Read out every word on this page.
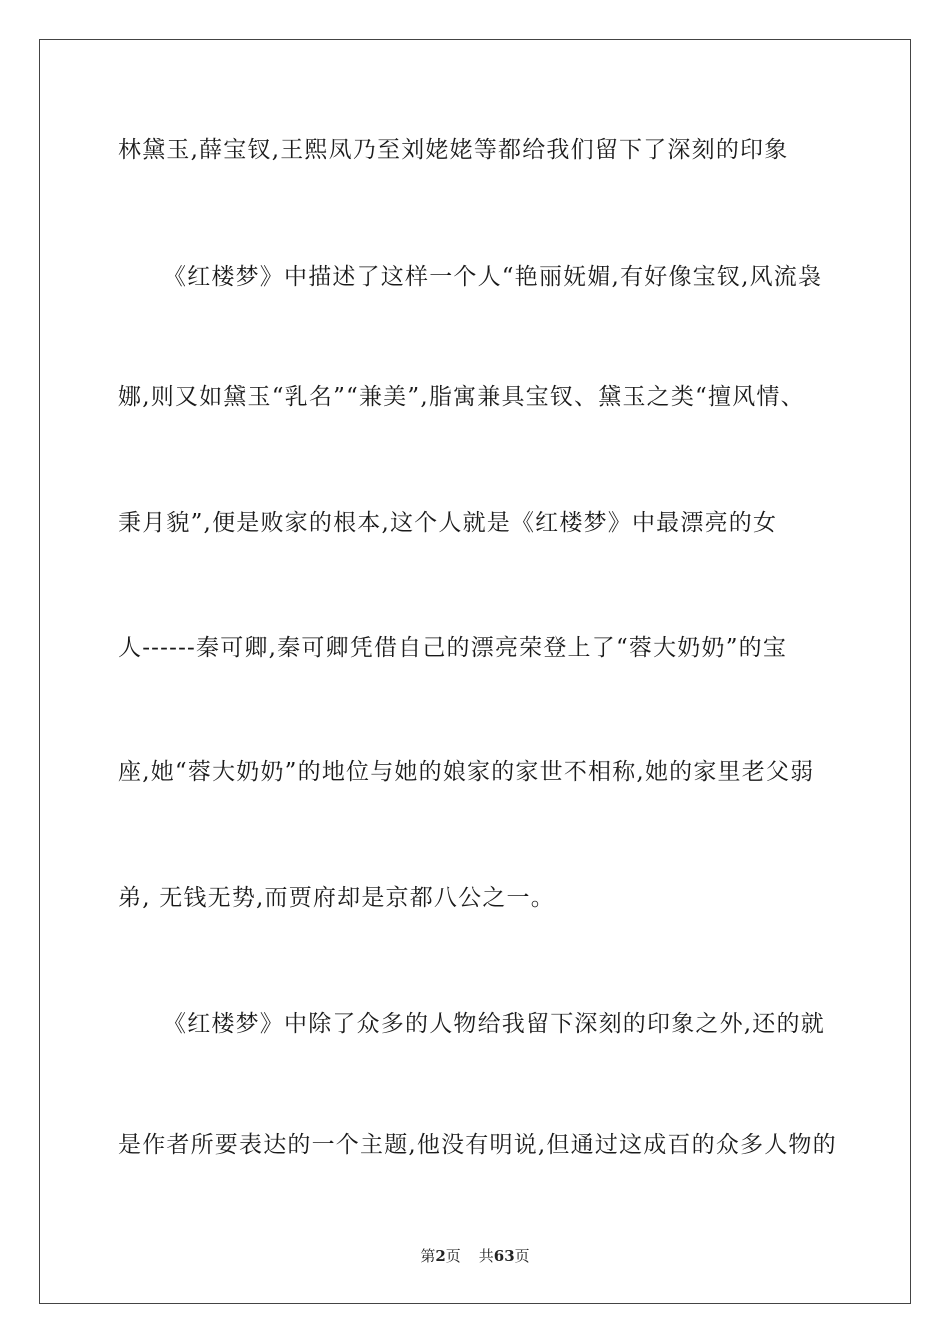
林黛玉,薛宝钗,王熙凤乃至刘姥姥等都给我们留下了深刻的印象
《红楼梦》中描述了这样一个人“艳丽妩媚,有好像宝钗,风流袅
娜,则又如黛玉“乳名”“兼美”,脂寓兼具宝钗、黛玉之类“擅风情、
秉月貌”,便是败家的根本,这个人就是《红楼梦》中最漂亮的女
人------秦可卿,秦可卿凭借自己的漂亮荣登上了“蓉大奶奶”的宝
座,她“蓉大奶奶”的地位与她的娘家的家世不相称,她的家里老父弱
弟, 无钱无势,而贾府却是京都八公之一。
《红楼梦》中除了众多的人物给我留下深刻的印象之外,还的就
是作者所要表达的一个主题,他没有明说,但通过这成百的众多人物的
第2页 共63页
